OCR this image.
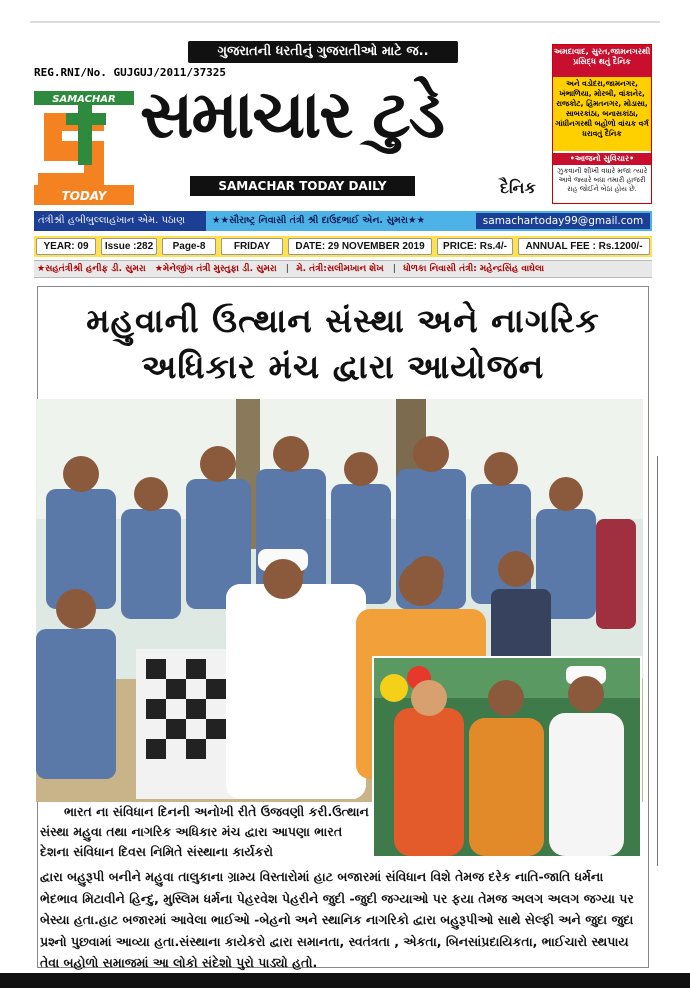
ગુજરાતની ધરતીનું ગુજરાતીઓ માટે જ..
REG.RNI/No. GUJGUJ/2011/37325
SAMACHAR
TODAY
સમાચાર ટુડે
SAMACHAR TODAY DAILY	દૈનિક
અમદાવાદ, સુરત,જામનગરથી પ્રસિદ્ધ થતું દૈનિક
અને વડોદરા,જામનગર, ખંભાળિયા, મોરબી, વાંકાનેર, રાજકોટ, હિંમતનગર, મોડાસા, સાબરકાંઠા, બનાસકાંઠા, ગાંધીનગરથી બહોળો વાંચક વર્ગ ધરાવતું દૈનિક
•આજનો સુવિચાર•
ઝુકવાની શીખી વધારે મજા ત્યારે આવે જ્યારે બધા તમારી હાજરી રાહ જોઈને બેઠા હોય છે.
તંત્રીશ્રી હબીબુલ્લાહખાન એમ. પઠાણ	★★સૌરાષ્ટ્ર નિવાસી તંત્રી શ્રી દાઉદભાઈ એન. સુમરા★★	samachartoday99@gmail.com
YEAR: 09	Issue :282	Page-8	FRIDAY	DATE: 29 NOVEMBER 2019	PRICE: Rs.4/-	ANNUAL FEE : Rs.1200/-
★સહતંત્રીશ્રી હનીફ ડી. સુમરા ★મેનેજીંગ તંત્રી મુસ્તુફા ડી. સુમરા | મે. તંત્રી:સલીમખાન શેખ | ધોળકા નિવાસી તંત્રી: મહેન્દ્રસિંહ વાઘેલા
મહુવાની ઉત્થાન સંસ્થા અને નાગરિક
અધિકાર મંચ દ્વારા આયોજન
ભારત ના સંવિધાન દિનની અનોખી રીતે ઉજવણી કરી.ઉત્થાન સંસ્થા મહુવા તથા નાગરિક અધિકાર મંચ દ્વારા આપણા ભારત દેશના સંવિધાન દિવસ નિમિતે સંસ્થાના કાર્યકરો
દ્વારા બહુરૂપી બનીને મહુવા તાલુકાના ગ્રામ્ય વિસ્તારોમાં હાટ બજારમાં સંવિધાન વિશે તેમજ દરેક નાતિ-જાતિ ધર્મના ભેદભાવ મિટાવીને હિન્દુ, મુસ્લિમ ધર્મના પેહરવેશ પેહરીને જુદી -જુદી જગ્યાઓ પર ફયા તેમજ અલગ અલગ જગ્યા પર બેસ્યા હતા.હાટ બજારમાં આવેલા ભાઈઓ -બેહનો અને સ્થાનિક નાગરિકો દ્વારા બહુરૂપીઓ સાથે સેલ્ફી અને જુદા જુદા પ્રશ્નો પુછવામાં આવ્યા હતા.સંસ્થાના કાયેકરો દ્વારા સમાનતા, સ્વતંત્રતા , એકતા, બિનસાંપ્રદાયિકતા, ભાઈચારો સ્થપાય તેવા બહોળો સમાજમાં આ લોકો સંદેશો પુરો પાડ્યો હતો.
